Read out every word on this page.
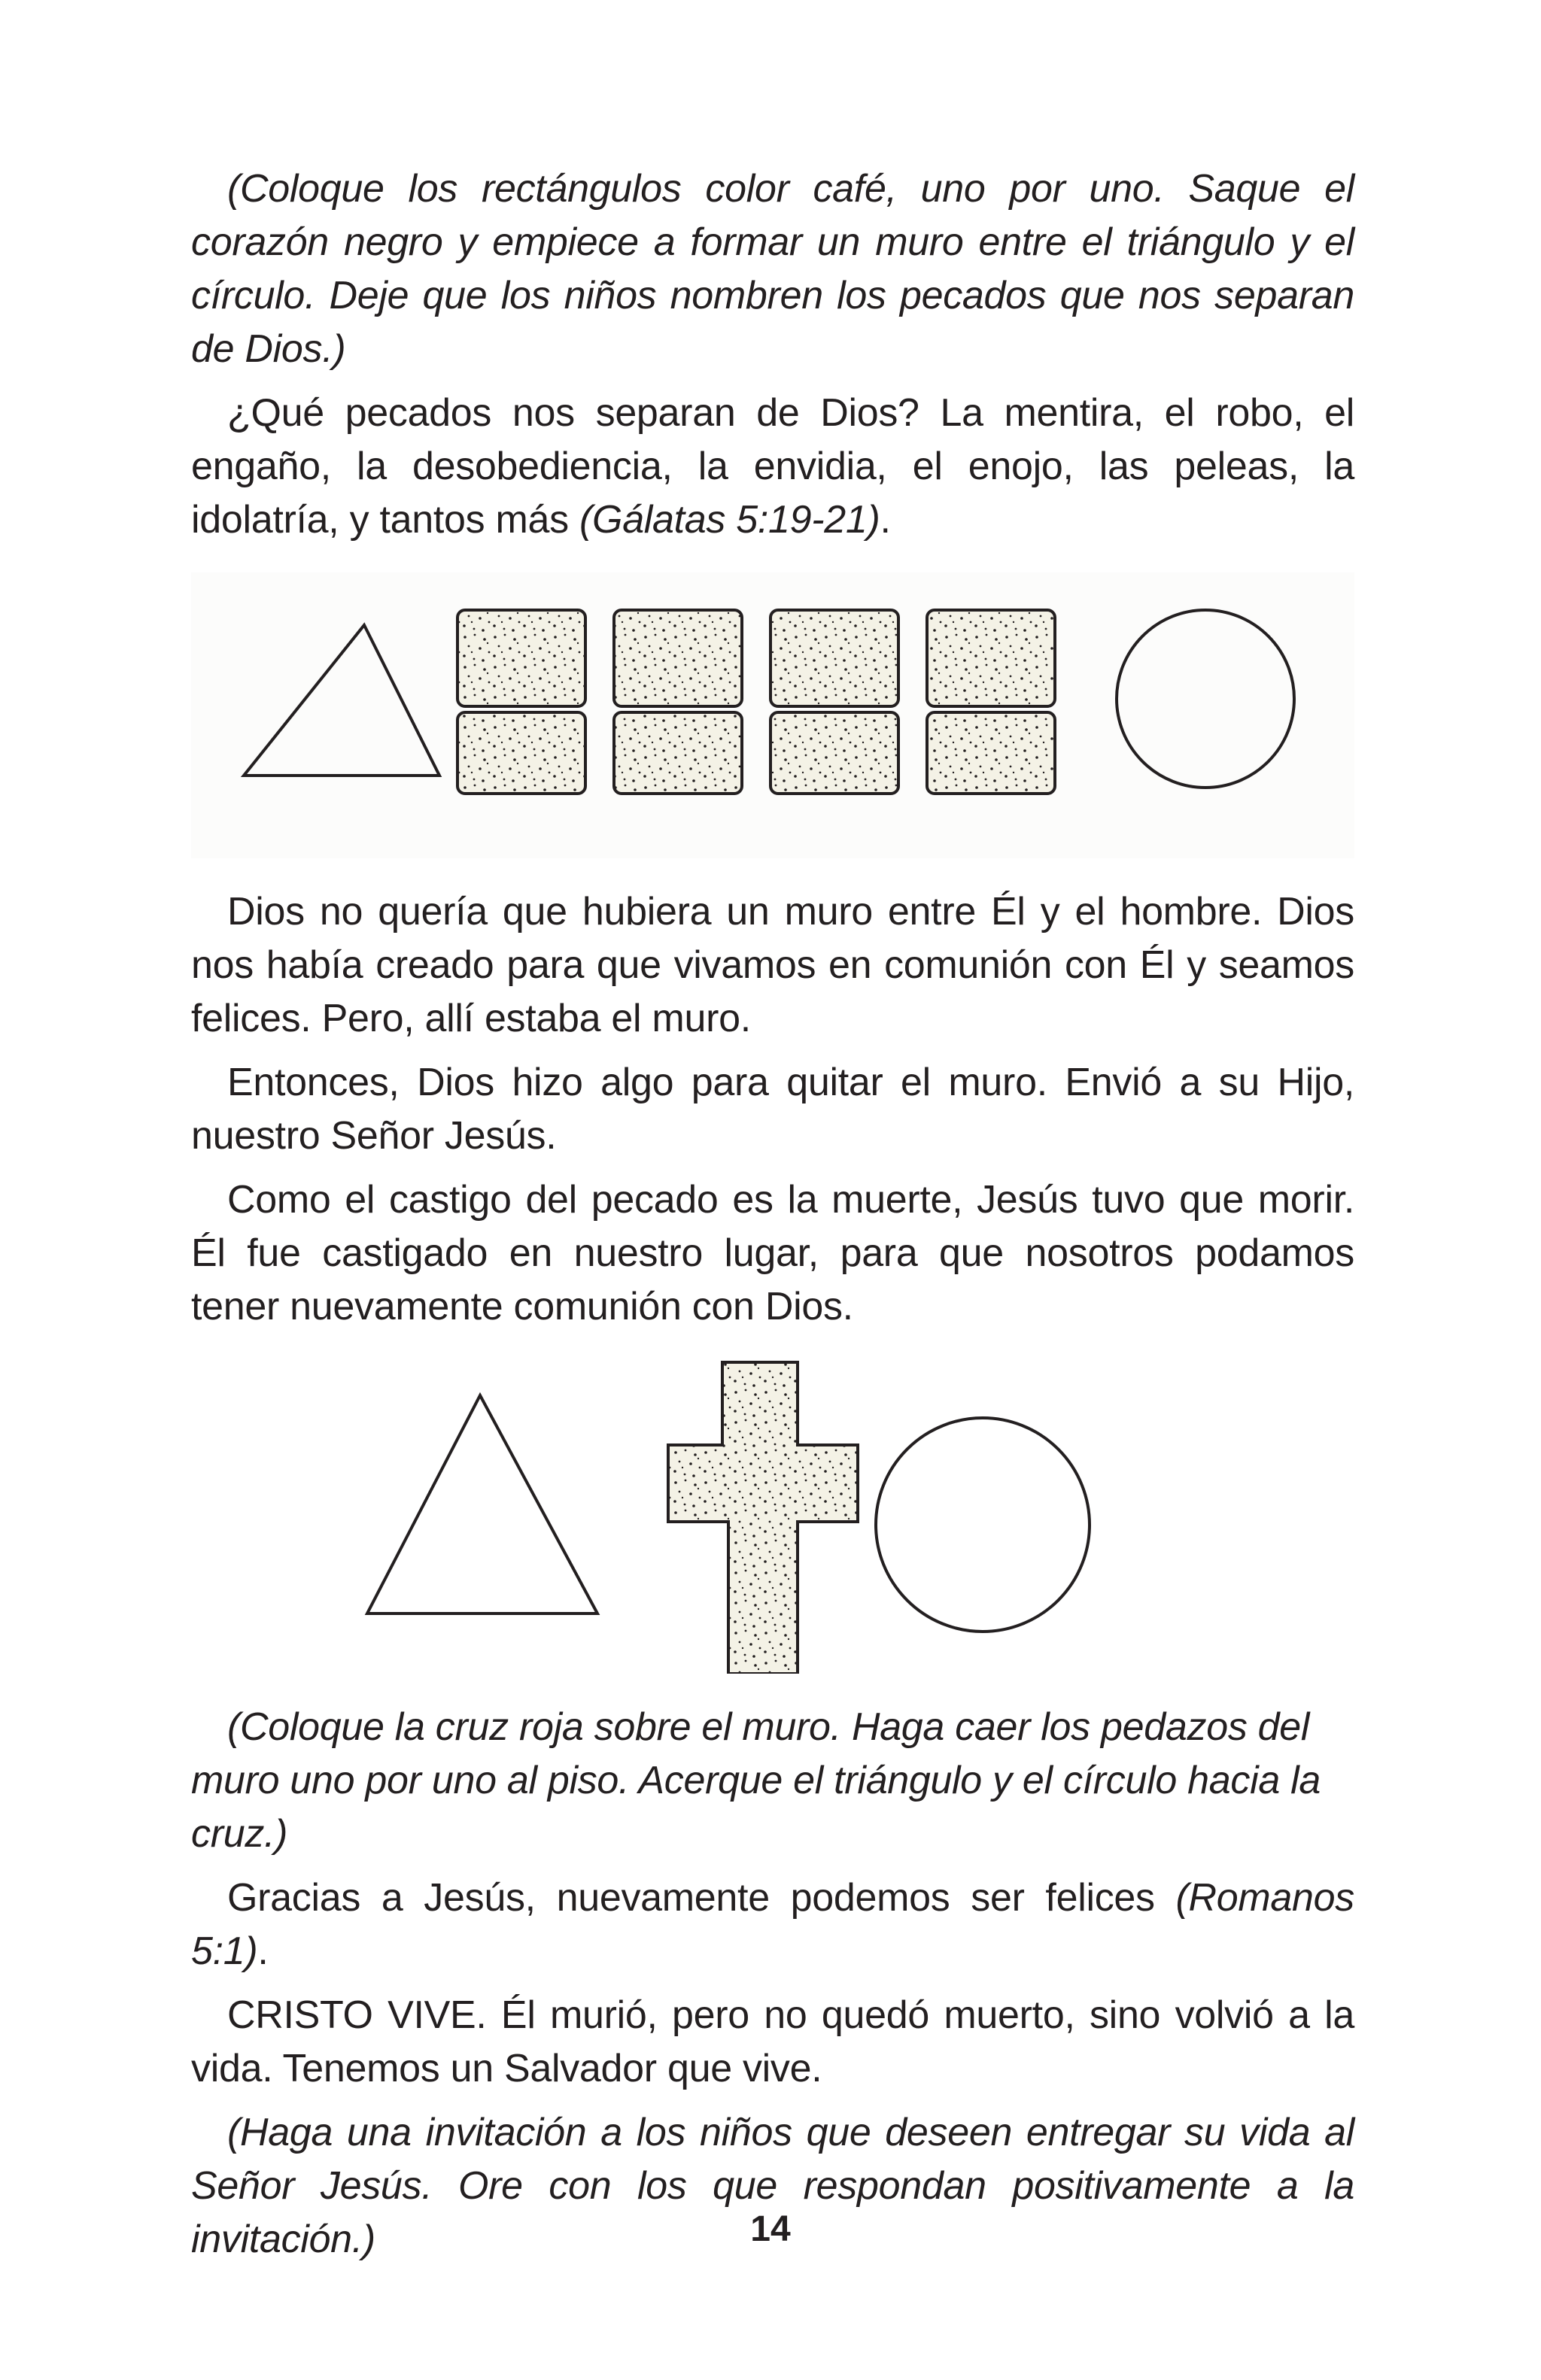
(Coloque los rectángulos color café, uno por uno. Saque el corazón negro y empiece a formar un muro entre el triángulo y el círculo. Deje que los niños nombren los pecados que nos separan de Dios.)

¿Qué pecados nos separan de Dios? La mentira, el robo, el engaño, la desobediencia, la envidia, el enojo, las peleas, la idolatría, y tantos más (Gálatas 5:19-21).

Dios no quería que hubiera un muro entre Él y el hombre. Dios nos había creado para que vivamos en comunión con Él y seamos felices. Pero, allí estaba el muro.

Entonces, Dios hizo algo para quitar el muro. Envió a su Hijo, nuestro Señor Jesús.

Como el castigo del pecado es la muerte, Jesús tuvo que morir. Él fue castigado en nuestro lugar, para que nosotros podamos tener nuevamente comunión con Dios.

(Coloque la cruz roja sobre el muro. Haga caer los pedazos del muro uno por uno al piso. Acerque el triángulo y el círculo hacia la cruz.)

Gracias a Jesús, nuevamente podemos ser felices (Romanos 5:1).

CRISTO VIVE. Él murió, pero no quedó muerto, sino volvió a la vida. Tenemos un Salvador que vive.

(Haga una invitación a los niños que deseen entregar su vida al Señor Jesús. Ore con los que respondan positivamente a la invitación.)	14
